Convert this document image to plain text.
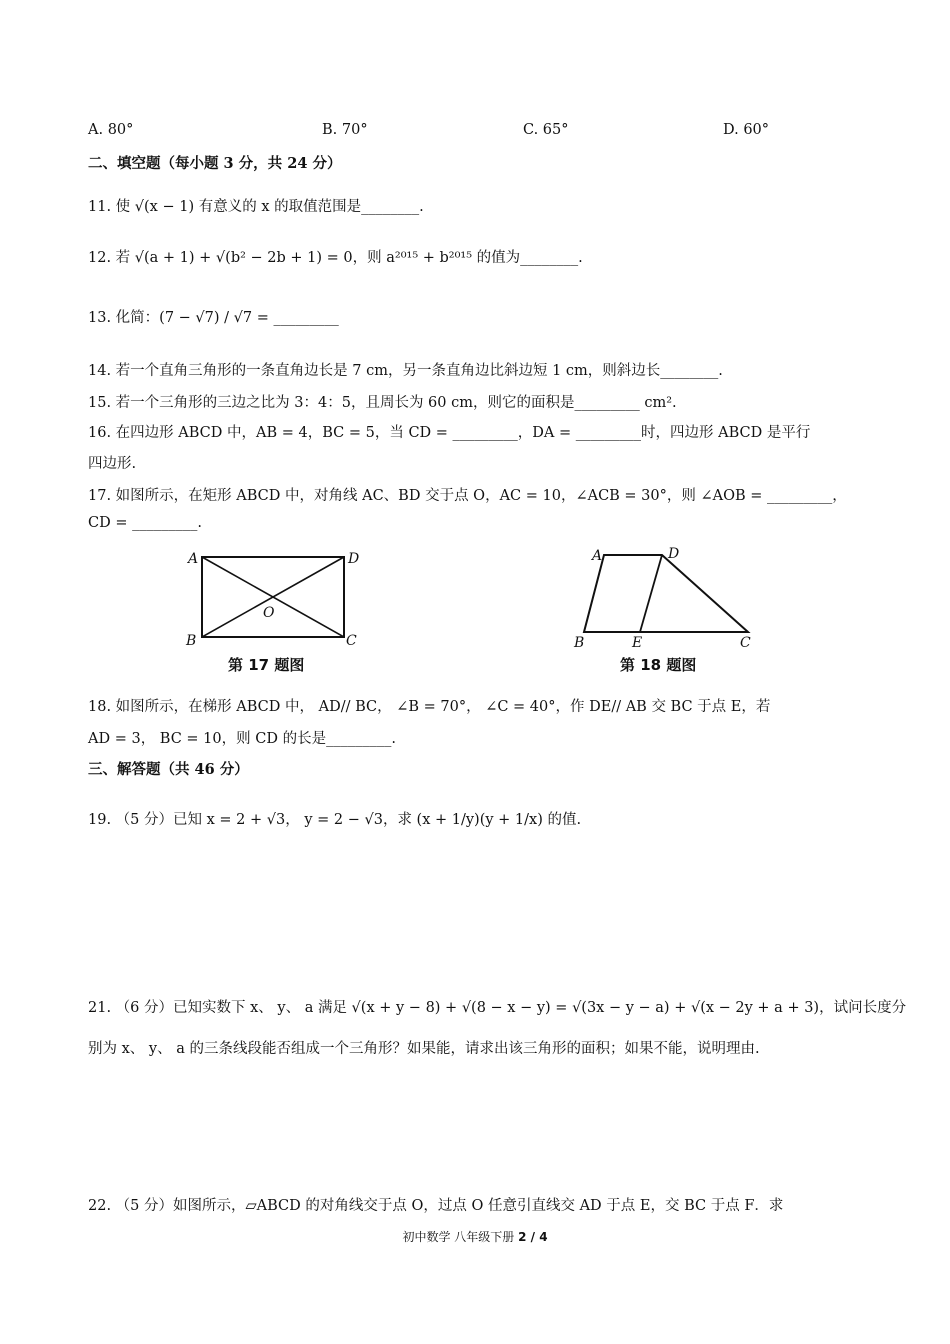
A. 80°	B. 70°	C. 65°	D. 60°
二、填空题（每小题 3 分，共 24 分）
11. 使 √(x − 1) 有意义的 x 的取值范围是________.
12. 若 √(a + 1) + √(b² − 2b + 1) = 0，则 a²⁰¹⁵ + b²⁰¹⁵ 的值为________.
13. 化简：(7 − √7) / √7 = _________
14. 若一个直角三角形的一条直角边长是 7 cm，另一条直角边比斜边短 1 cm，则斜边长________.
15. 若一个三角形的三边之比为 3：4：5，且周长为 60 cm，则它的面积是_________ cm².
16. 在四边形 ABCD 中，AB = 4，BC = 5，当 CD = _________，DA = _________时，四边形 ABCD 是平行
四边形.
17. 如图所示，在矩形 ABCD 中，对角线 AC、BD 交于点 O，AC = 10，∠ACB = 30°，则 ∠AOB = _________，
CD = _________.
A	D
B	C
O
第 17 题图
A	D
B	E	C
第 18 题图
18. 如图所示，在梯形 ABCD 中， AD// BC， ∠B = 70°， ∠C = 40°，作 DE// AB 交 BC 于点 E，若
AD = 3， BC = 10，则 CD 的长是_________.
三、解答题（共 46 分）
19. （5 分）已知 x = 2 + √3， y = 2 − √3，求 (x + 1/y)(y + 1/x) 的值.
21. （6 分）已知实数下 x、 y、 a 满足 √(x + y − 8) + √(8 − x − y) = √(3x − y − a) + √(x − 2y + a + 3)，试问长度分
别为 x、 y、 a 的三条线段能否组成一个三角形？如果能，请求出该三角形的面积；如果不能，说明理由.
22. （5 分）如图所示，▱ABCD 的对角线交于点 O，过点 O 任意引直线交 AD 于点 E，交 BC 于点 F．求
初中数学 八年级下册 2 / 4
